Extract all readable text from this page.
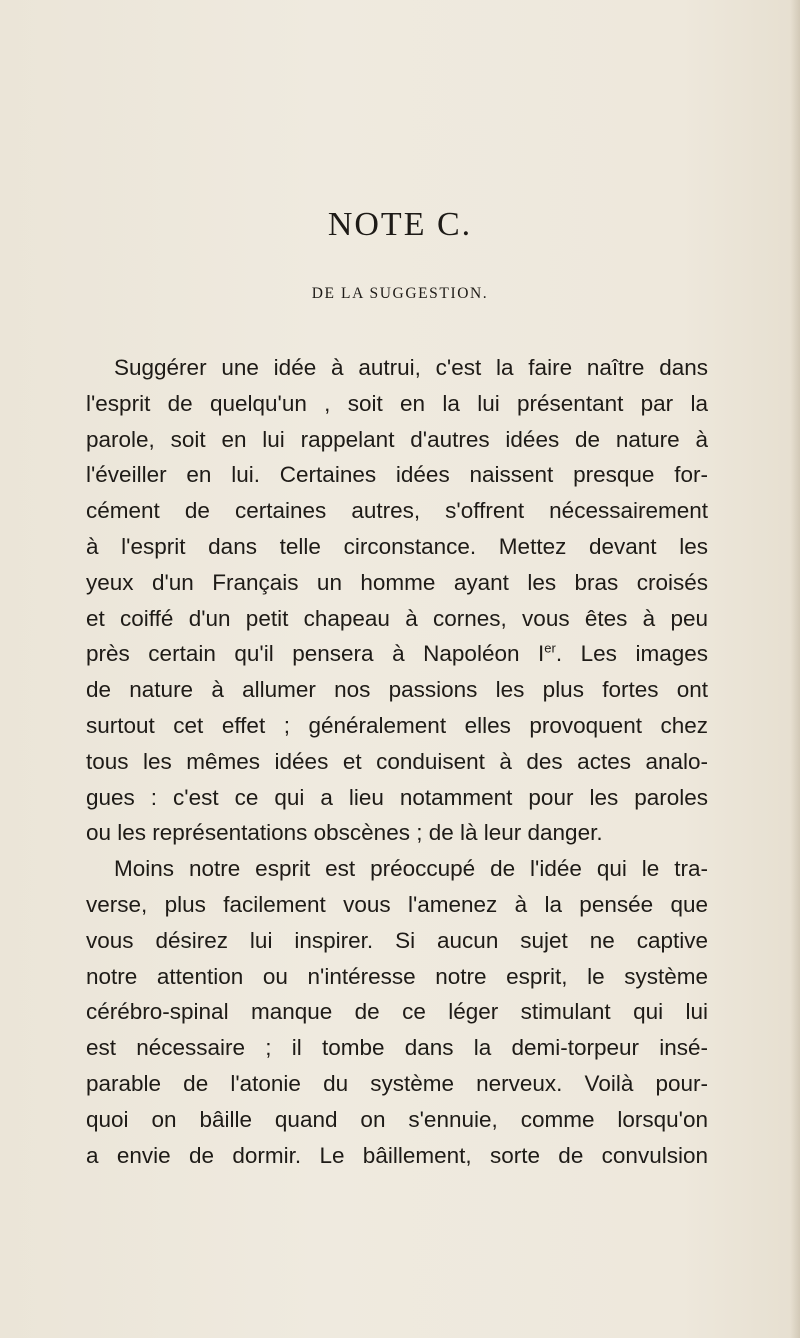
NOTE C.
DE LA SUGGESTION.
Suggérer une idée à autrui, c'est la faire naître dans
l'esprit de quelqu'un , soit en la lui présentant par la
parole, soit en lui rappelant d'autres idées de nature à
l'éveiller en lui. Certaines idées naissent presque for-
cément de certaines autres, s'offrent nécessairement
à l'esprit dans telle circonstance. Mettez devant les
yeux d'un Français un homme ayant les bras croisés
et coiffé d'un petit chapeau à cornes, vous êtes à peu
près certain qu'il pensera à Napoléon Ier. Les images
de nature à allumer nos passions les plus fortes ont
surtout cet effet ; généralement elles provoquent chez
tous les mêmes idées et conduisent à des actes analo-
gues : c'est ce qui a lieu notamment pour les paroles
ou les représentations obscènes ; de là leur danger.
Moins notre esprit est préoccupé de l'idée qui le tra-
verse, plus facilement vous l'amenez à la pensée que
vous désirez lui inspirer. Si aucun sujet ne captive
notre attention ou n'intéresse notre esprit, le système
cérébro-spinal manque de ce léger stimulant qui lui
est nécessaire ; il tombe dans la demi-torpeur insé-
parable de l'atonie du système nerveux. Voilà pour-
quoi on bâille quand on s'ennuie, comme lorsqu'on
a envie de dormir. Le bâillement, sorte de convulsion
